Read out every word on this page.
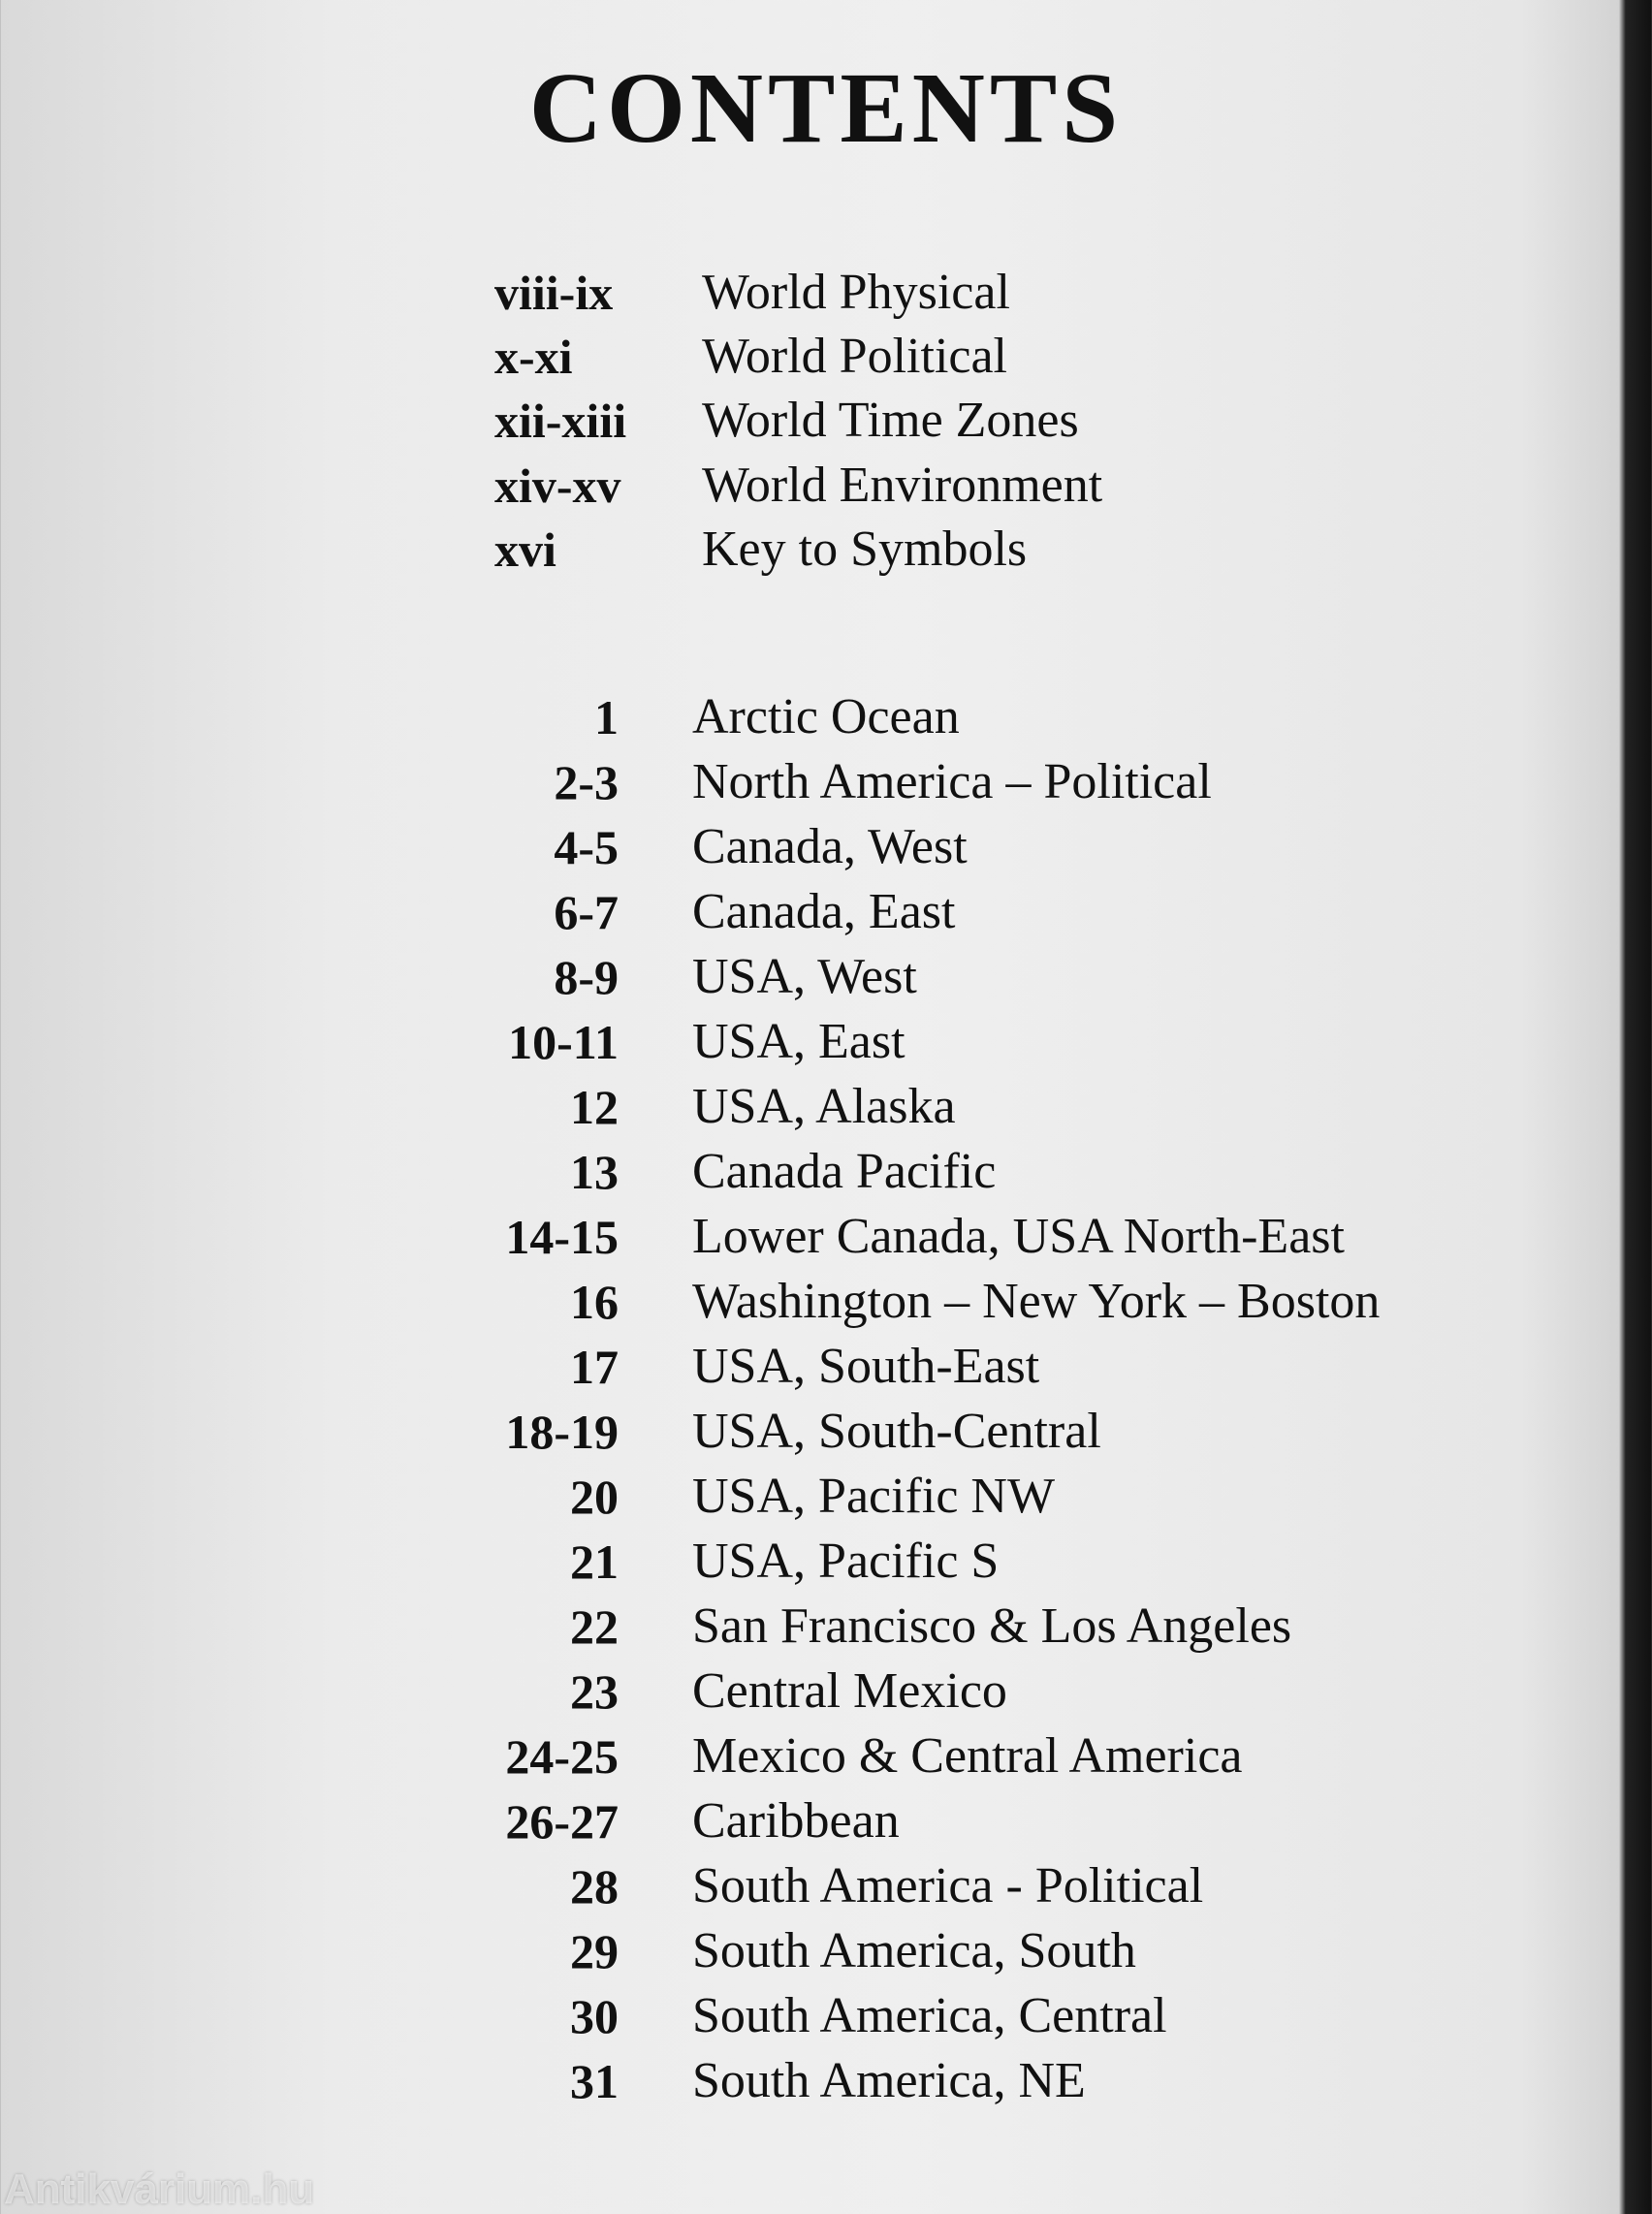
CONTENTS
viii-ix World Physical
x-xi	World Political
xii-xiii World Time Zones
xiv-xv World Environment
xvi	Key to Symbols
1 Arctic Ocean
2-3 North America – Political
4-5 Canada, West
6-7 Canada, East
8-9 USA, West
10-11 USA, East
12 USA, Alaska
13 Canada Pacific
14-15 Lower Canada, USA North-East
16 Washington – New York – Boston
17 USA, South-East
18-19 USA, South-Central
20 USA, Pacific NW
21 USA, Pacific S
22 San Francisco & Los Angeles
23 Central Mexico
24-25 Mexico & Central America
26-27 Caribbean
28 South America - Political
29 South America, South
30 South America, Central
31 South America, NE
Antikvárium.hu
